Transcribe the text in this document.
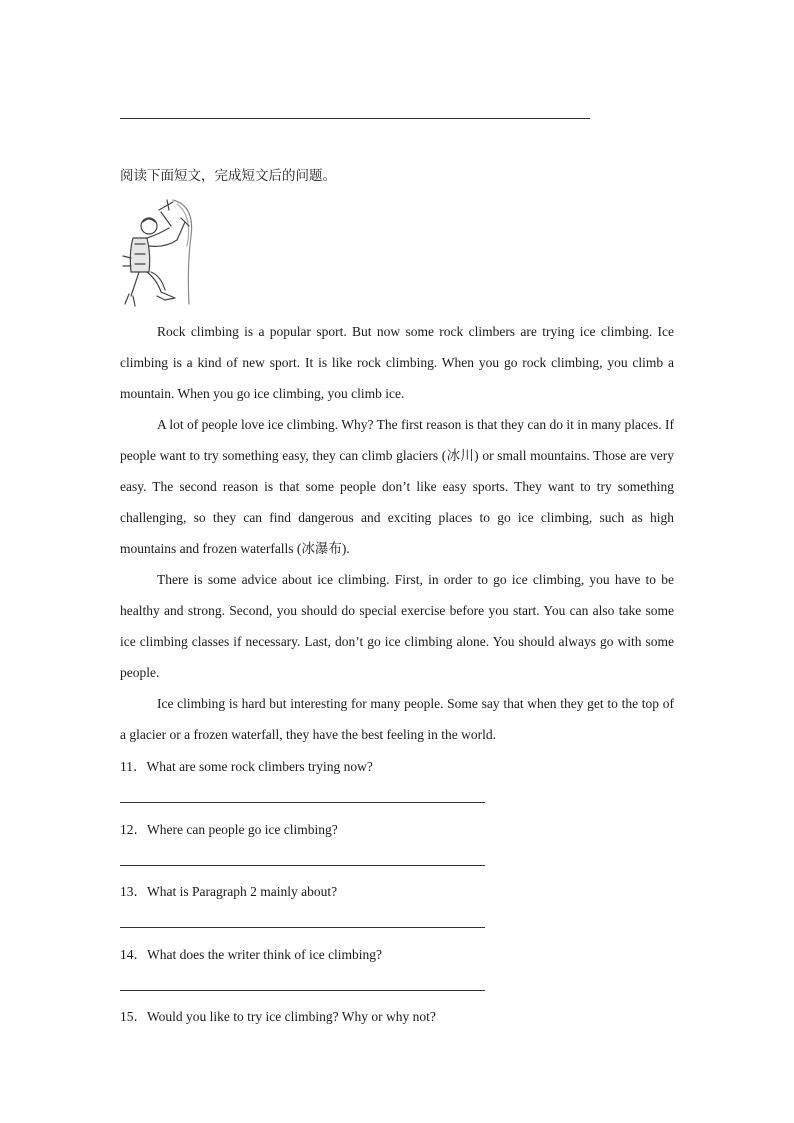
阅读下面短文，完成短文后的问题。

Rock climbing is a popular sport. But now some rock climbers are trying ice climbing. Ice climbing is a kind of new sport. It is like rock climbing. When you go rock climbing, you climb a mountain. When you go ice climbing, you climb ice.

A lot of people love ice climbing. Why? The first reason is that they can do it in many places. If people want to try something easy, they can climb glaciers (冰川) or small mountains. Those are very easy. The second reason is that some people don’t like easy sports. They want to try something challenging, so they can find dangerous and exciting places to go ice climbing, such as high mountains and frozen waterfalls (冰瀑布).

There is some advice about ice climbing. First, in order to go ice climbing, you have to be healthy and strong. Second, you should do special exercise before you start. You can also take some ice climbing classes if necessary. Last, don’t go ice climbing alone. You should always go with some people.

Ice climbing is hard but interesting for many people. Some say that when they get to the top of a glacier or a frozen waterfall, they have the best feeling in the world.

11．What are some rock climbers trying now?
12．Where can people go ice climbing?
13．What is Paragraph 2 mainly about?
14．What does the writer think of ice climbing?
15．Would you like to try ice climbing? Why or why not?
